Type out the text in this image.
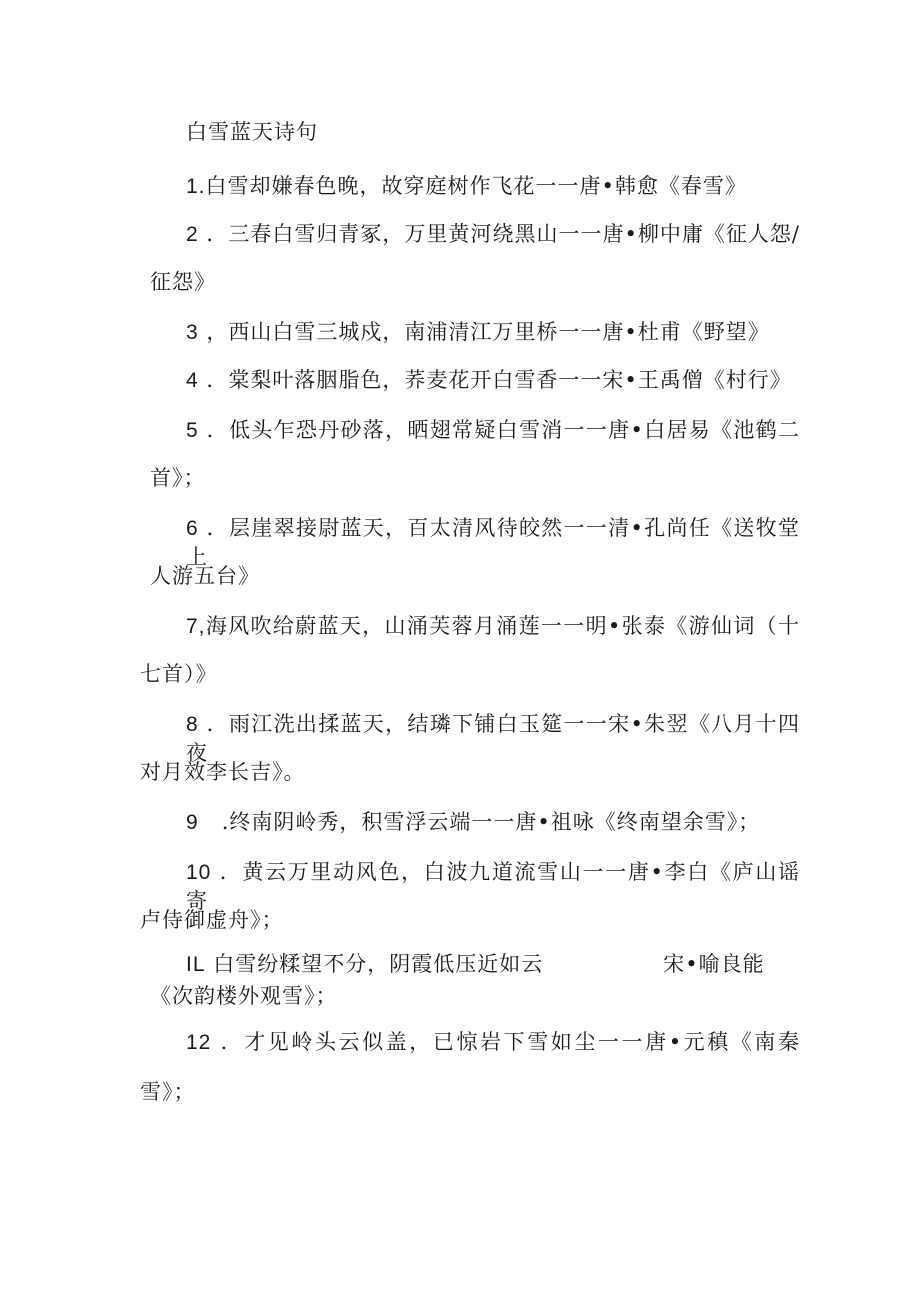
白雪蓝天诗句
1.白雪却嫌春色晚，故穿庭树作飞花一一唐•韩愈《春雪》
2 ．三春白雪归青冢，万里黄河绕黑山一一唐•柳中庸《征人怨/
征怨》
3 ，西山白雪三城戍，南浦清江万里桥一一唐•杜甫《野望》
4 ．棠梨叶落胭脂色，荞麦花开白雪香一一宋•王禹僧《村行》
5 ．低头乍恐丹砂落，晒翅常疑白雪消一一唐•白居易《池鹤二
首》；
6 ．层崖翠接尉蓝天，百太清风待皎然一一清•孔尚任《送牧堂上
人游五台》
7,海风吹给蔚蓝天，山涌芙蓉月涌莲一一明•张泰《游仙词（十
七首）》
8 ．雨江洗出揉蓝天，结璘下铺白玉筵一一宋•朱翌《八月十四夜
对月效李长吉》。
9 .终南阴岭秀，积雪浮云端一一唐•祖咏《终南望余雪》；
10 ．黄云万里动风色，白波九道流雪山一一唐•李白《庐山谣寄
卢侍御虚舟》；
IL 白雪纷糅望不分，阴霞低压近如云	宋•喻良能
《次韵楼外观雪》；
12 ．才见岭头云似盖，已惊岩下雪如尘一一唐•元稹《南秦
雪》；
